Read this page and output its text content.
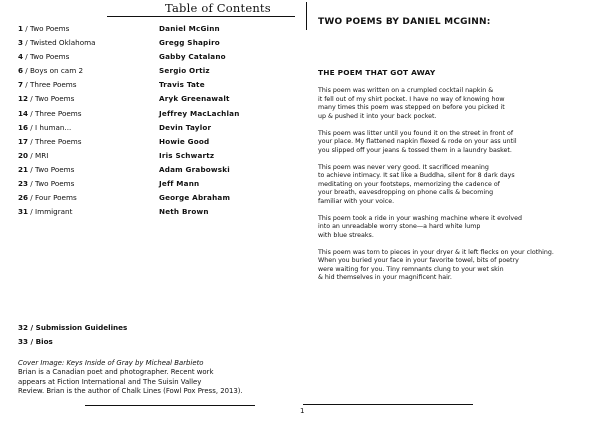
Table of Contents
1 / Two Poems	Daniel McGinn
3 / Twisted Oklahoma	Gregg Shapiro
4 / Two Poems	Gabby Catalano
6 / Boys on cam 2	Sergio Ortiz
7 / Three Poems	Travis Tate
12 / Two Poems	Aryk Greenawalt
14 / Three Poems	Jeffrey MacLachlan
16 / I human...	Devin Taylor
17 / Three Poems	Howie Good
20 / MRI	Iris Schwartz
21 / Two Poems	Adam Grabowski
23 / Two Poems	Jeff Mann
26 / Four Poems	George Abraham
31 / Immigrant	Neth Brown
32 / Submission Guidelines
33 / Bios
Cover Image: Keys Inside of Gray by Micheal Barbieto
Brian is a Canadian poet and photographer. Recent work
appears at Fiction International and The Suisin Valley
Review. Brian is the author of Chalk Lines (Fowl Pox Press, 2013).
TWO POEMS BY DANIEL MCGINN:
THE POEM THAT GOT AWAY
This poem was written on a crumpled cocktail napkin &
it fell out of my shirt pocket. I have no way of knowing how
many times this poem was stepped on before you picked it
up & pushed it into your back pocket.
This poem was litter until you found it on the street in front of
your place. My flattened napkin flexed & rode on your ass until
you slipped off your jeans & tossed them in a laundry basket.
This poem was never very good. It sacrificed meaning
to achieve intimacy. It sat like a Buddha, silent for 8 dark days
meditating on your footsteps, memorizing the cadence of
your breath, eavesdropping on phone calls & becoming
familiar with your voice.
This poem took a ride in your washing machine where it evolved
into an unreadable worry stone—a hard white lump
with blue streaks.
This poem was torn to pieces in your dryer & it left flecks on your clothing.
When you buried your face in your favorite towel, bits of poetry
were waiting for you. Tiny remnants clung to your wet skin
& hid themselves in your magnificent hair.
1
